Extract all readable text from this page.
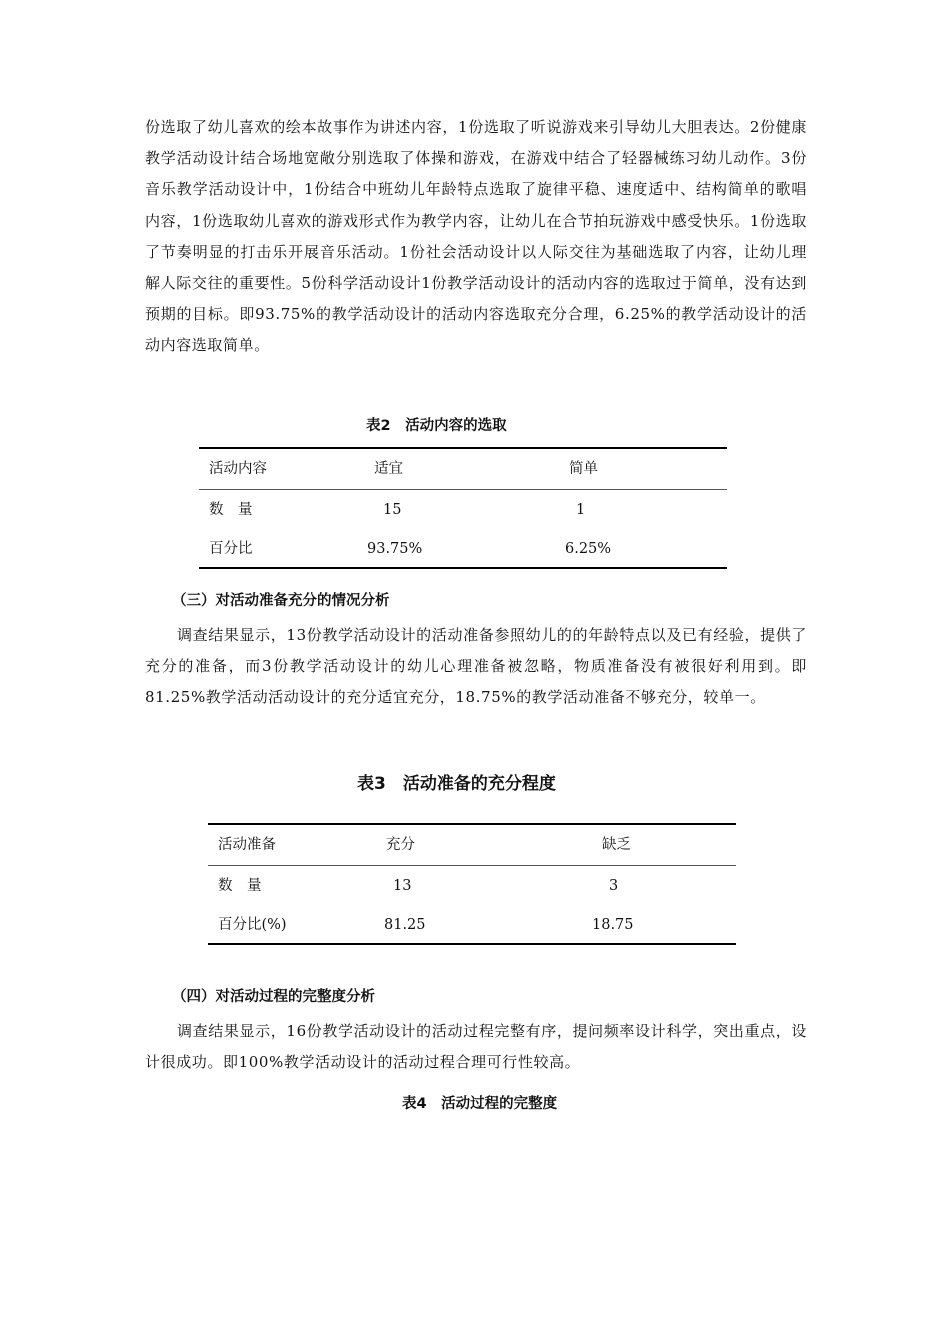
份选取了幼儿喜欢的绘本故事作为讲述内容，1份选取了听说游戏来引导幼儿大胆表达。2份健康教学活动设计结合场地宽敞分别选取了体操和游戏，在游戏中结合了轻器械练习幼儿动作。3份音乐教学活动设计中，1份结合中班幼儿年龄特点选取了旋律平稳、速度适中、结构简单的歌唱内容，1份选取幼儿喜欢的游戏形式作为教学内容，让幼儿在合节拍玩游戏中感受快乐。1份选取了节奏明显的打击乐开展音乐活动。1份社会活动设计以人际交往为基础选取了内容，让幼儿理解人际交往的重要性。5份科学活动设计1份教学活动设计的活动内容的选取过于简单，没有达到预期的目标。即93.75%的教学活动设计的活动内容选取充分合理，6.25%的教学活动设计的活动内容选取简单。

表2　活动内容的选取
活动内容	适宜	简单
数　量	15	1
百分比	93.75%	6.25%
（三）对活动准备充分的情况分析

调查结果显示，13份教学活动设计的活动准备参照幼儿的的年龄特点以及已有经验，提供了充分的准备，而3份教学活动设计的幼儿心理准备被忽略，物质准备没有被很好利用到。即81.25%教学活动活动设计的充分适宜充分，18.75%的教学活动准备不够充分，较单一。

表3　活动准备的充分程度
活动准备	充分	缺乏
数　量	13	3
百分比(%)	81.25	18.75
（四）对活动过程的完整度分析

调查结果显示，16份教学活动设计的活动过程完整有序，提问频率设计科学，突出重点，设计很成功。即100%教学活动设计的活动过程合理可行性较高。

表4　活动过程的完整度
